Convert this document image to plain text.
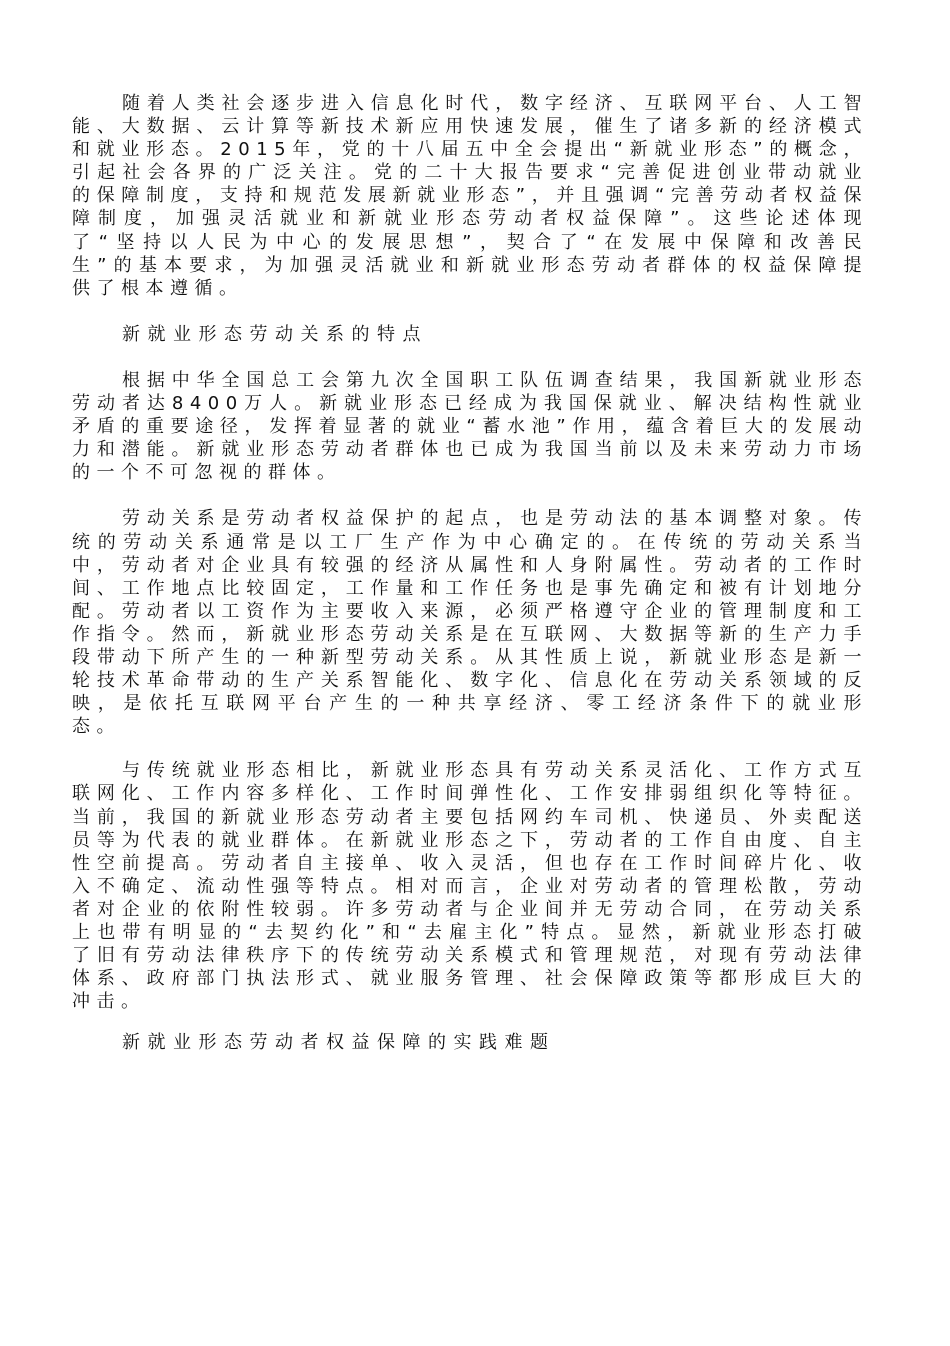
随着人类社会逐步进入信息化时代，数字经济、互联网平台、人工智能、大数据、云计算等新技术新应用快速发展，催生了诸多新的经济模式和就业形态。2015年，党的十八届五中全会提出“新就业形态”的概念，引起社会各界的广泛关注。党的二十大报告要求“完善促进创业带动就业的保障制度，支持和规范发展新就业形态”，并且强调“完善劳动者权益保障制度，加强灵活就业和新就业形态劳动者权益保障”。这些论述体现了“坚持以人民为中心的发展思想”，契合了“在发展中保障和改善民生”的基本要求，为加强灵活就业和新就业形态劳动者群体的权益保障提供了根本遵循。

新就业形态劳动关系的特点

根据中华全国总工会第九次全国职工队伍调查结果，我国新就业形态劳动者达8400万人。新就业形态已经成为我国保就业、解决结构性就业矛盾的重要途径，发挥着显著的就业“蓄水池”作用，蕴含着巨大的发展动力和潜能。新就业形态劳动者群体也已成为我国当前以及未来劳动力市场的一个不可忽视的群体。

劳动关系是劳动者权益保护的起点，也是劳动法的基本调整对象。传统的劳动关系通常是以工厂生产作为中心确定的。在传统的劳动关系当中，劳动者对企业具有较强的经济从属性和人身附属性。劳动者的工作时间、工作地点比较固定，工作量和工作任务也是事先确定和被有计划地分配。劳动者以工资作为主要收入来源，必须严格遵守企业的管理制度和工作指令。然而，新就业形态劳动关系是在互联网、大数据等新的生产力手段带动下所产生的一种新型劳动关系。从其性质上说，新就业形态是新一轮技术革命带动的生产关系智能化、数字化、信息化在劳动关系领域的反映，是依托互联网平台产生的一种共享经济、零工经济条件下的就业形态。

与传统就业形态相比，新就业形态具有劳动关系灵活化、工作方式互联网化、工作内容多样化、工作时间弹性化、工作安排弱组织化等特征。当前，我国的新就业形态劳动者主要包括网约车司机、快递员、外卖配送员等为代表的就业群体。在新就业形态之下，劳动者的工作自由度、自主性空前提高。劳动者自主接单、收入灵活，但也存在工作时间碎片化、收入不确定、流动性强等特点。相对而言，企业对劳动者的管理松散，劳动者对企业的依附性较弱。许多劳动者与企业间并无劳动合同，在劳动关系上也带有明显的“去契约化”和“去雇主化”特点。显然，新就业形态打破了旧有劳动法律秩序下的传统劳动关系模式和管理规范，对现有劳动法律体系、政府部门执法形式、就业服务管理、社会保障政策等都形成巨大的冲击。

新就业形态劳动者权益保障的实践难题
